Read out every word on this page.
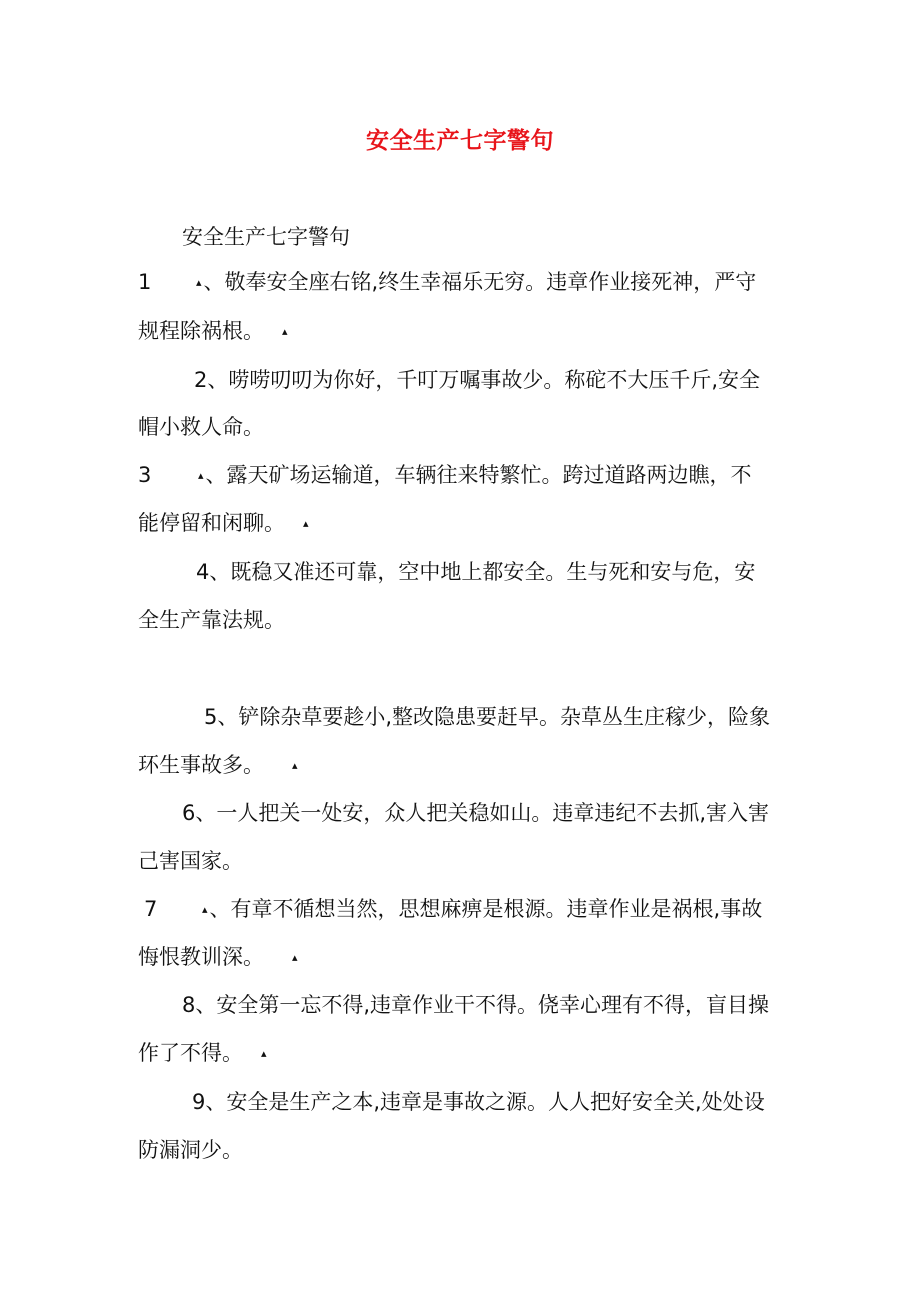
安全生产七字警句
安全生产七字警句
1	▴、敬奉安全座右铭,终生幸福乐无穷。违章作业接死神，严守
规程除祸根。 ▴
2、唠唠叨叨为你好，千叮万嘱事故少。称砣不大压千斤,安全
帽小救人命。
3	▴、露天矿场运输道，车辆往来特繁忙。跨过道路两边瞧，不
能停留和闲聊。 ▴
4、既稳又准还可靠，空中地上都安全。生与死和安与危，安
全生产靠法规。
5、铲除杂草要趁小,整改隐患要赶早。杂草丛生庄稼少，险象
环生事故多。	▴
6、一人把关一处安，众人把关稳如山。违章违纪不去抓,害入害
己害国家。
7	▴、有章不循想当然，思想麻痹是根源。违章作业是祸根,事故
悔恨教训深。	▴
8、安全第一忘不得,违章作业干不得。侥幸心理有不得，盲目操
作了不得。 ▴
9、安全是生产之本,违章是事故之源。人人把好安全关,处处设
防漏洞少。
